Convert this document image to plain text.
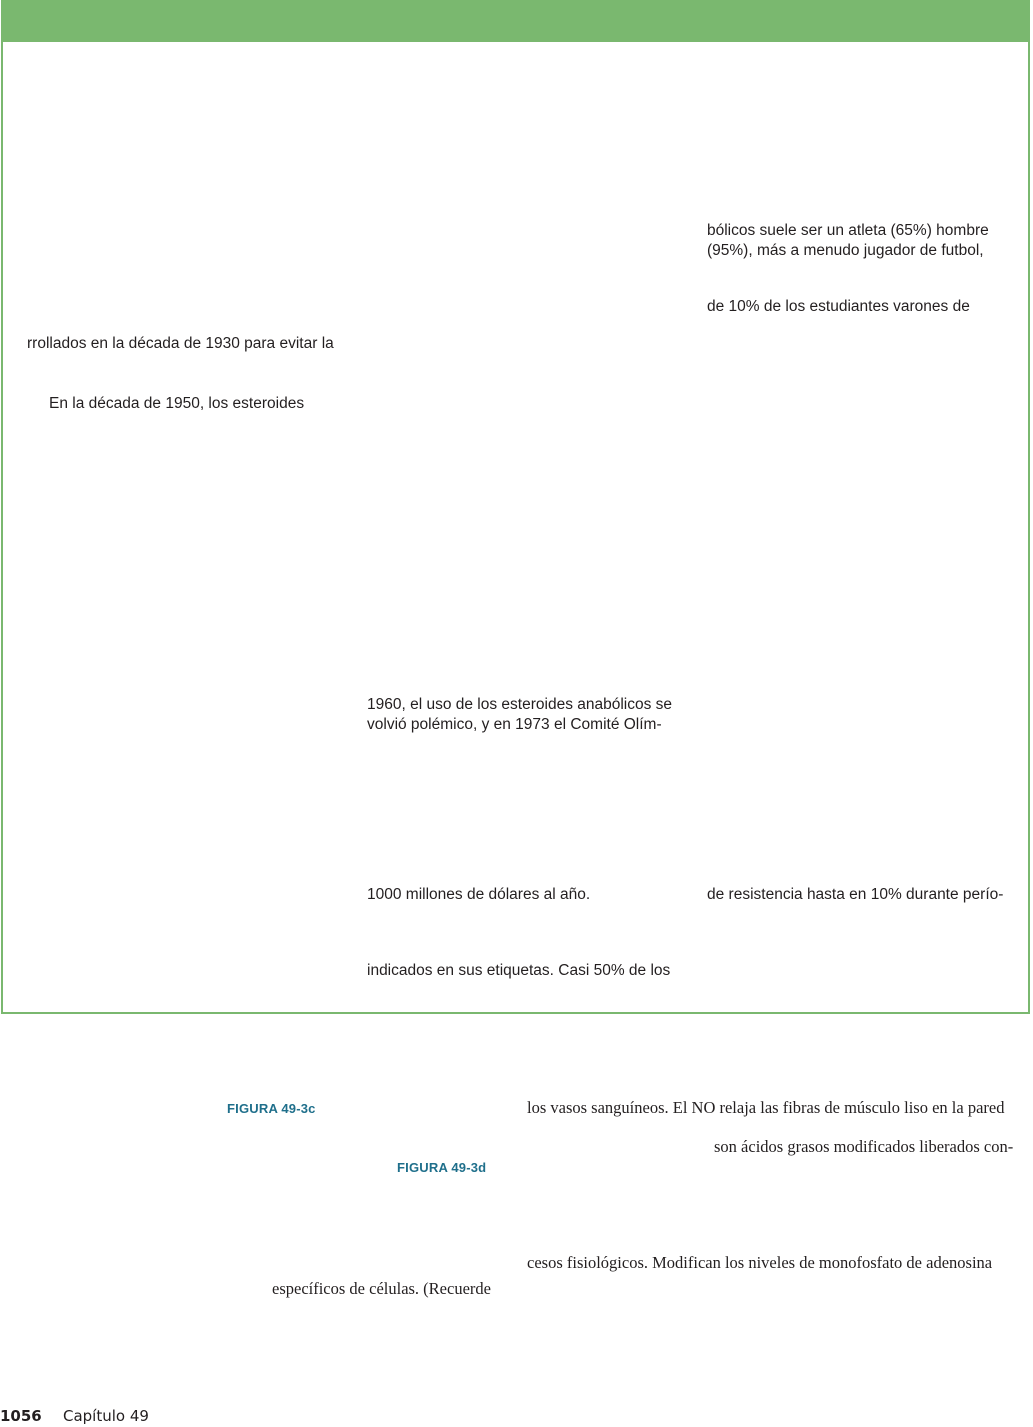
rrollados en la década de 1930 para evitar la
En la década de 1950, los esteroides
1960, el uso de los esteroides anabólicos se
volvió polémico, y en 1973 el Comité Olím-
1000 millones de dólares al año.
indicados en sus etiquetas. Casi 50% de los
bólicos suele ser un atleta (65%) hombre
(95%), más a menudo jugador de futbol,
de 10% de los estudiantes varones de
de resistencia hasta en 10% durante perío-
FIGURA 49-3c
FIGURA 49-3d
los vasos sanguíneos. El NO relaja las fibras de músculo liso en la pared
son ácidos grasos modificados liberados con-
cesos fisiológicos. Modifican los niveles de monofosfato de adenosina
específicos de células. (Recuerde
1056 Capítulo 49
